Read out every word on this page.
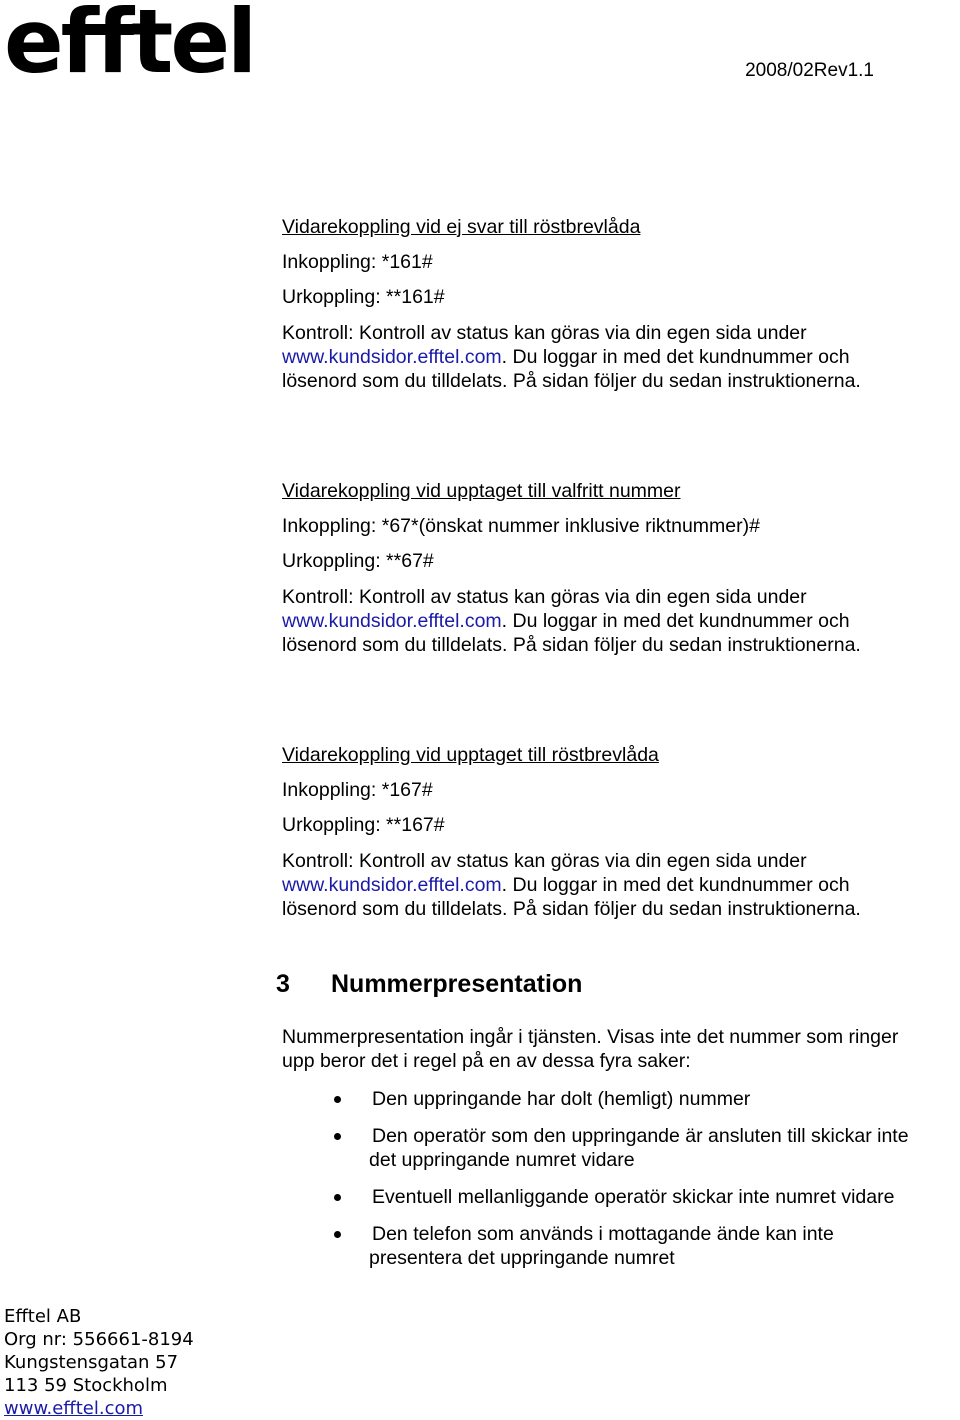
efftel	2008/02Rev1.1
Vidarekoppling vid ej svar till röstbrevlåda
Inkoppling: *161#
Urkoppling: **161#
Kontroll: Kontroll av status kan göras via din egen sida under
www.kundsidor.efftel.com. Du loggar in med det kundnummer och
lösenord som du tilldelats. På sidan följer du sedan instruktionerna.
Vidarekoppling vid upptaget till valfritt nummer
Inkoppling: *67*(önskat nummer inklusive riktnummer)#
Urkoppling: **67#
Kontroll: Kontroll av status kan göras via din egen sida under
www.kundsidor.efftel.com. Du loggar in med det kundnummer och
lösenord som du tilldelats. På sidan följer du sedan instruktionerna.
Vidarekoppling vid upptaget till röstbrevlåda
Inkoppling: *167#
Urkoppling: **167#
Kontroll: Kontroll av status kan göras via din egen sida under
www.kundsidor.efftel.com. Du loggar in med det kundnummer och
lösenord som du tilldelats. På sidan följer du sedan instruktionerna.
3 Nummerpresentation
Nummerpresentation ingår i tjänsten. Visas inte det nummer som ringer
upp beror det i regel på en av dessa fyra saker:
Den uppringande har dolt (hemligt) nummer
Den operatör som den uppringande är ansluten till skickar inte
det uppringande numret vidare
Eventuell mellanliggande operatör skickar inte numret vidare
Den telefon som används i mottagande ände kan inte
presentera det uppringande numret
Efftel AB
Org nr: 556661-8194
Kungstensgatan 57
113 59 Stockholm
www.efftel.com
